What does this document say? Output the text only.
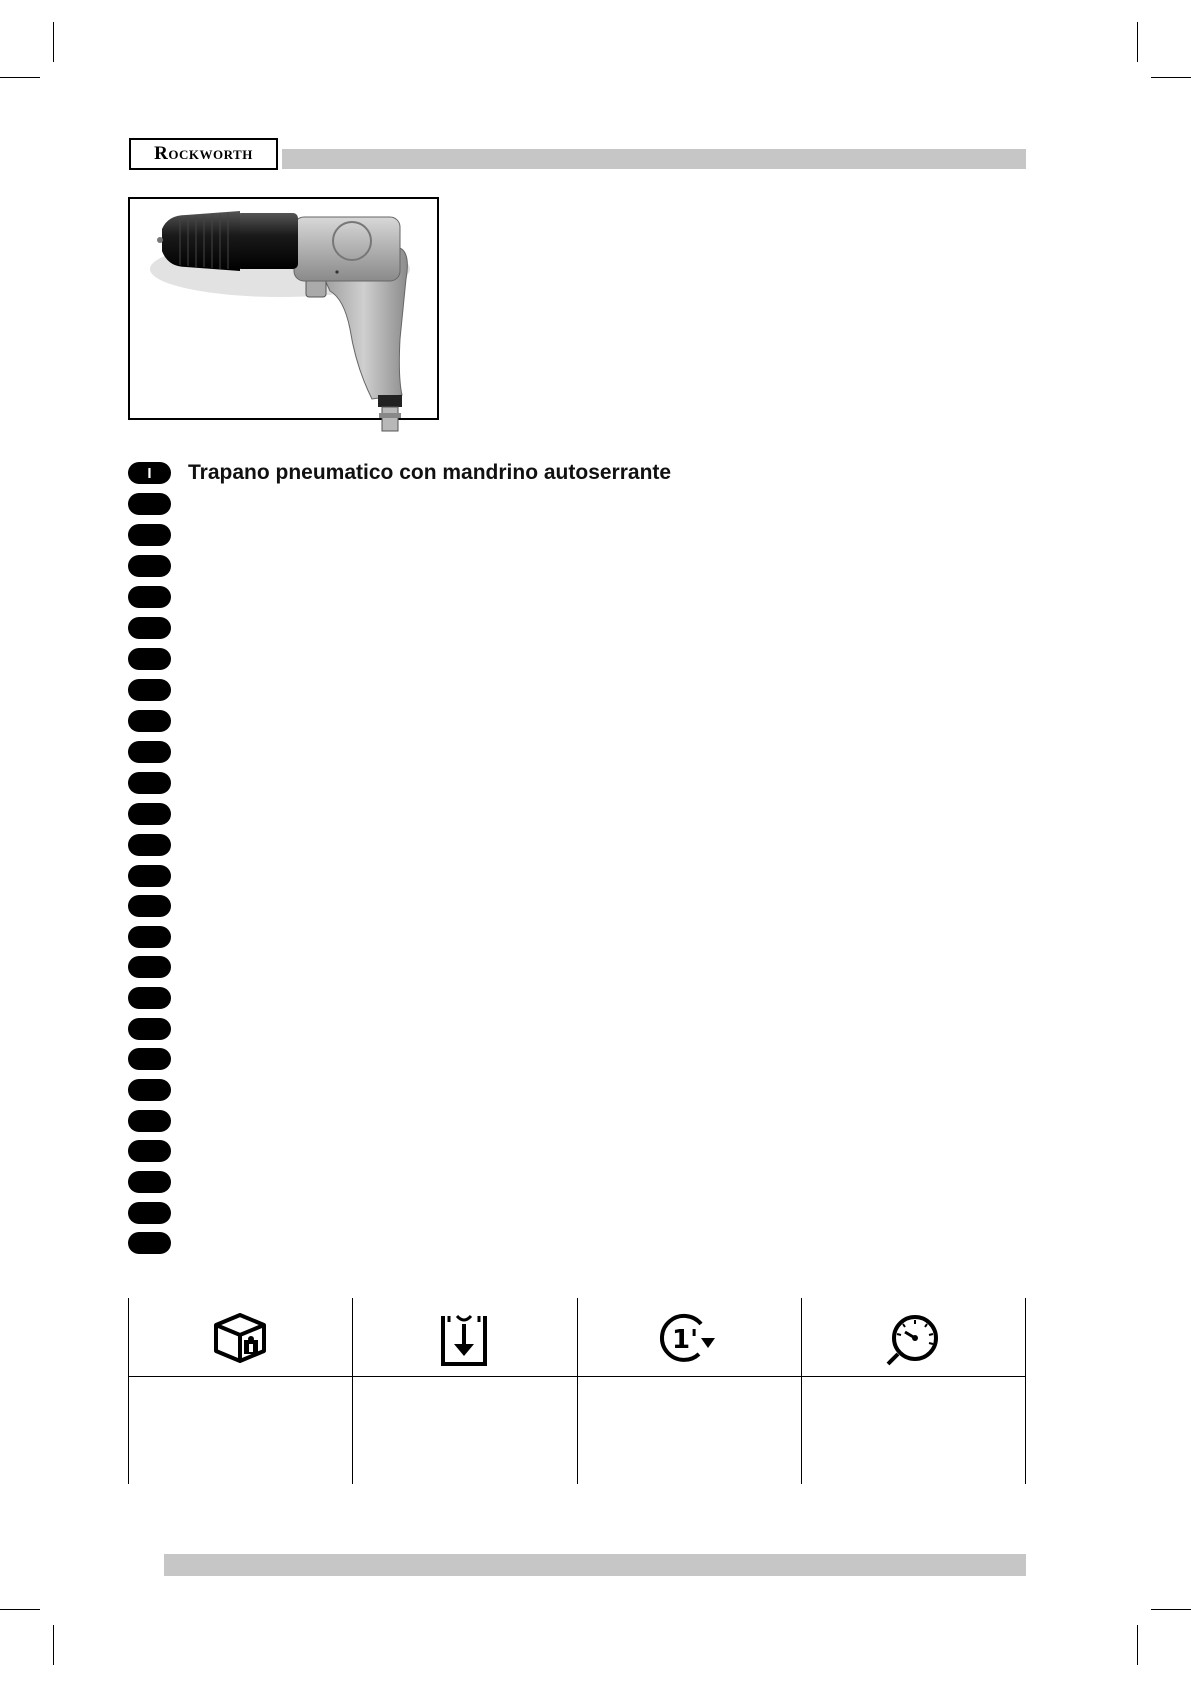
Rockworth
I	Trapano pneumatico con mandrino autoserrante
1'
